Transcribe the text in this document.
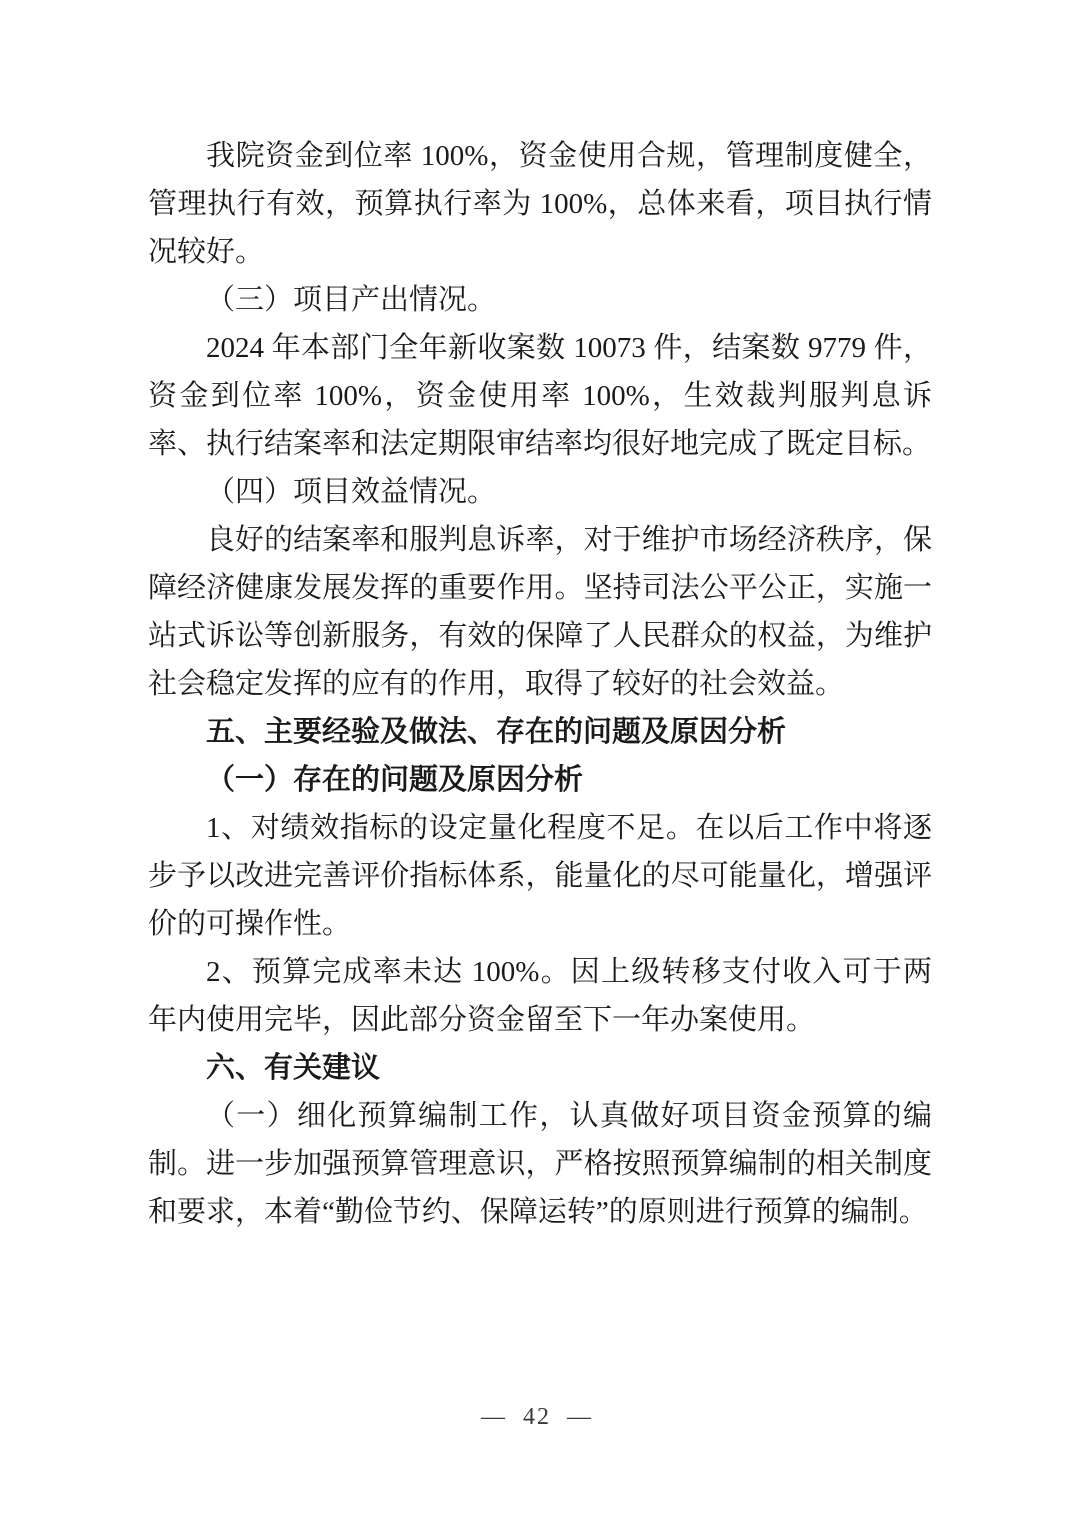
我院资金到位率 100%，资金使用合规，管理制度健全，管理执行有效，预算执行率为 100%，总体来看，项目执行情况较好。

（三）项目产出情况。

2024 年本部门全年新收案数 10073 件，结案数 9779 件，资金到位率 100%，资金使用率 100%，生效裁判服判息诉率、执行结案率和法定期限审结率均很好地完成了既定目标。

（四）项目效益情况。

良好的结案率和服判息诉率，对于维护市场经济秩序，保障经济健康发展发挥的重要作用。坚持司法公平公正，实施一站式诉讼等创新服务，有效的保障了人民群众的权益，为维护社会稳定发挥的应有的作用，取得了较好的社会效益。

五、主要经验及做法、存在的问题及原因分析

（一）存在的问题及原因分析

1、对绩效指标的设定量化程度不足。在以后工作中将逐步予以改进完善评价指标体系，能量化的尽可能量化，增强评价的可操作性。

2、预算完成率未达 100%。因上级转移支付收入可于两年内使用完毕，因此部分资金留至下一年办案使用。

六、有关建议

（一）细化预算编制工作，认真做好项目资金预算的编制。进一步加强预算管理意识，严格按照预算编制的相关制度和要求，本着“勤俭节约、保障运转”的原则进行预算的编制。

— 42 —
